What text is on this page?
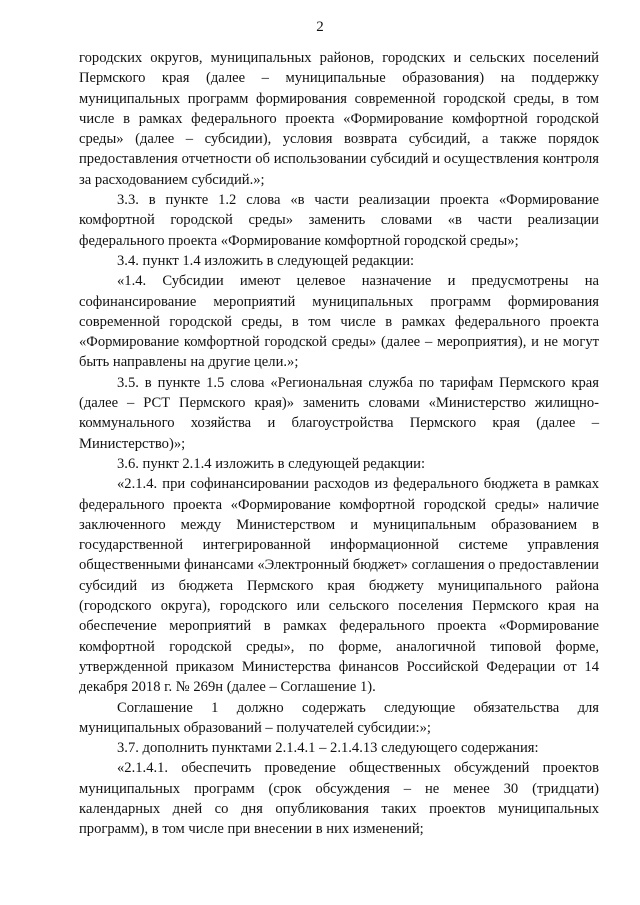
2

городских округов, муниципальных районов, городских и сельских поселений Пермского края (далее – муниципальные образования) на поддержку муниципальных программ формирования современной городской среды, в том числе в рамках федерального проекта «Формирование комфортной городской среды» (далее – субсидии), условия возврата субсидий, а также порядок предоставления отчетности об использовании субсидий и осуществления контроля за расходованием субсидий.»;

3.3. в пункте 1.2 слова «в части реализации проекта «Формирование комфортной городской среды» заменить словами «в части реализации федерального проекта «Формирование комфортной городской среды»;

3.4. пункт 1.4 изложить в следующей редакции:

«1.4. Субсидии имеют целевое назначение и предусмотрены на софинансирование мероприятий муниципальных программ формирования современной городской среды, в том числе в рамках федерального проекта «Формирование комфортной городской среды» (далее – мероприятия), и не могут быть направлены на другие цели.»;

3.5. в пункте 1.5 слова «Региональная служба по тарифам Пермского края (далее – РСТ Пермского края)» заменить словами «Министерство жилищно-коммунального хозяйства и благоустройства Пермского края (далее – Министерство)»;

3.6. пункт 2.1.4 изложить в следующей редакции:

«2.1.4. при софинансировании расходов из федерального бюджета в рамках федерального проекта «Формирование комфортной городской среды» наличие заключенного между Министерством и муниципальным образованием в государственной интегрированной информационной системе управления общественными финансами «Электронный бюджет» соглашения о предоставлении субсидий из бюджета Пермского края бюджету муниципального района (городского округа), городского или сельского поселения Пермского края на обеспечение мероприятий в рамках федерального проекта «Формирование комфортной городской среды», по форме, аналогичной типовой форме, утвержденной приказом Министерства финансов Российской Федерации от 14 декабря 2018 г. № 269н (далее – Соглашение 1).

Соглашение 1 должно содержать следующие обязательства для муниципальных образований – получателей субсидии:»;

3.7. дополнить пунктами 2.1.4.1 – 2.1.4.13 следующего содержания:

«2.1.4.1. обеспечить проведение общественных обсуждений проектов муниципальных программ (срок обсуждения – не менее 30 (тридцати) календарных дней со дня опубликования таких проектов муниципальных программ), в том числе при внесении в них изменений;
